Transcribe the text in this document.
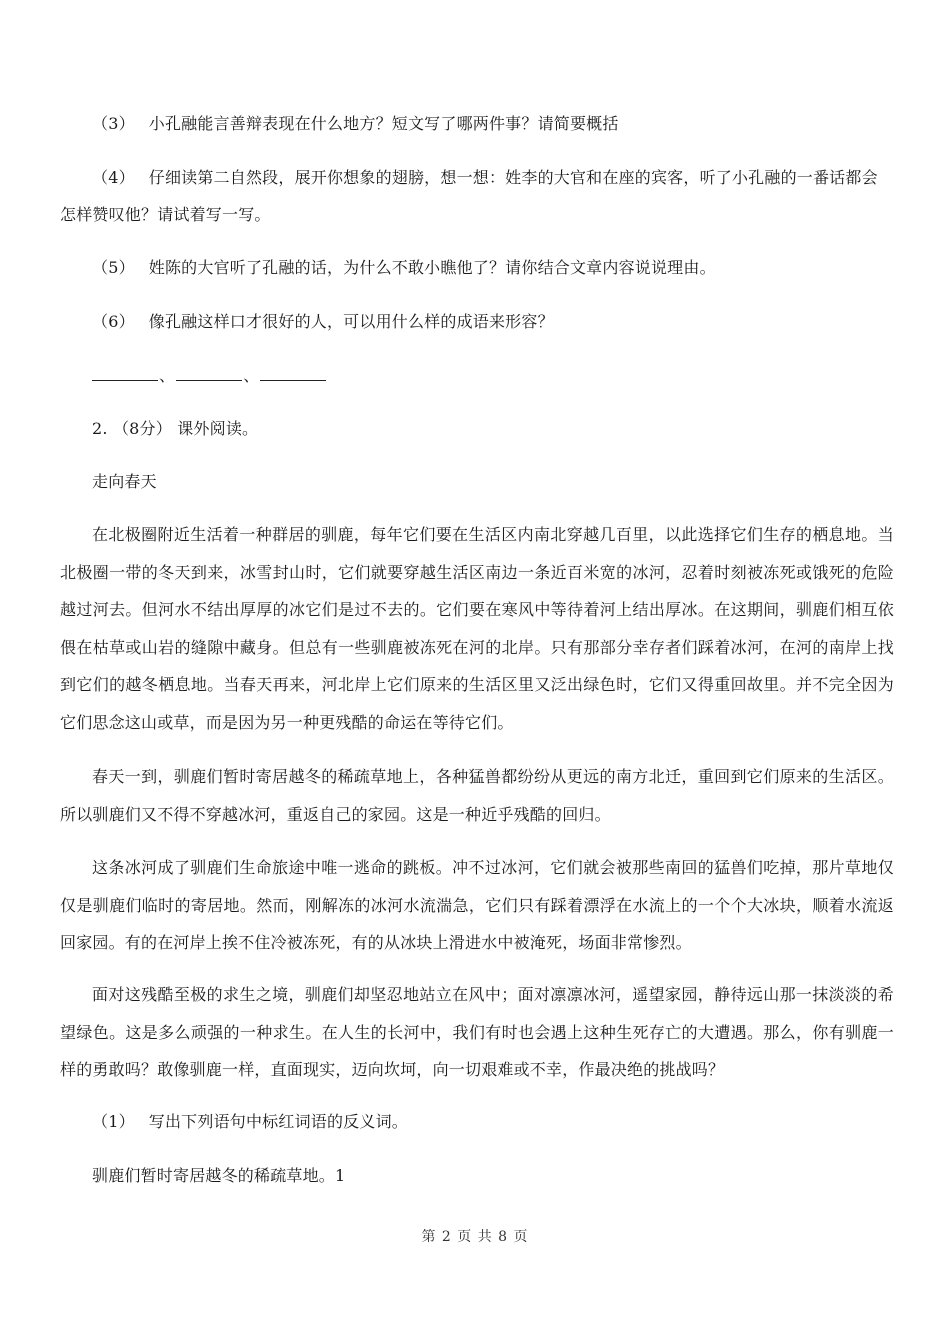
（3） 小孔融能言善辩表现在什么地方？短文写了哪两件事？请简要概括
（4） 仔细读第二自然段，展开你想象的翅膀，想一想：姓李的大官和在座的宾客，听了小孔融的一番话都会
怎样赞叹他？请试着写一写。
（5） 姓陈的大官听了孔融的话，为什么不敢小瞧他了？请你结合文章内容说说理由。
（6） 像孔融这样口才很好的人，可以用什么样的成语来形容？
、	、
2. （8分） 课外阅读。
走向春天
在北极圈附近生活着一种群居的驯鹿，每年它们要在生活区内南北穿越几百里，以此选择它们生存的栖息地。当北极圈一带的冬天到来，冰雪封山时，它们就要穿越生活区南边一条近百米宽的冰河，忍着时刻被冻死或饿死的危险越过河去。但河水不结出厚厚的冰它们是过不去的。它们要在寒风中等待着河上结出厚冰。在这期间，驯鹿们相互依偎在枯草或山岩的缝隙中藏身。但总有一些驯鹿被冻死在河的北岸。只有那部分幸存者们踩着冰河，在河的南岸上找到它们的越冬栖息地。当春天再来，河北岸上它们原来的生活区里又泛出绿色时，它们又得重回故里。并不完全因为它们思念这山或草，而是因为另一种更残酷的命运在等待它们。
春天一到，驯鹿们暂时寄居越冬的稀疏草地上，各种猛兽都纷纷从更远的南方北迁，重回到它们原来的生活区。所以驯鹿们又不得不穿越冰河，重返自己的家园。这是一种近乎残酷的回归。
这条冰河成了驯鹿们生命旅途中唯一逃命的跳板。冲不过冰河，它们就会被那些南回的猛兽们吃掉，那片草地仅仅是驯鹿们临时的寄居地。然而，刚解冻的冰河水流湍急，它们只有踩着漂浮在水流上的一个个大冰块，顺着水流返回家园。有的在河岸上挨不住冷被冻死，有的从冰块上滑进水中被淹死，场面非常惨烈。
面对这残酷至极的求生之境，驯鹿们却坚忍地站立在风中；面对凛凛冰河，遥望家园，静待远山那一抹淡淡的希望绿色。这是多么顽强的一种求生。在人生的长河中，我们有时也会遇上这种生死存亡的大遭遇。那么，你有驯鹿一样的勇敢吗？敢像驯鹿一样，直面现实，迈向坎坷，向一切艰难或不幸，作最决绝的挑战吗？
（1） 写出下列语句中标红词语的反义词。
驯鹿们暂时寄居越冬的稀疏草地。1
第 2 页 共 8 页
